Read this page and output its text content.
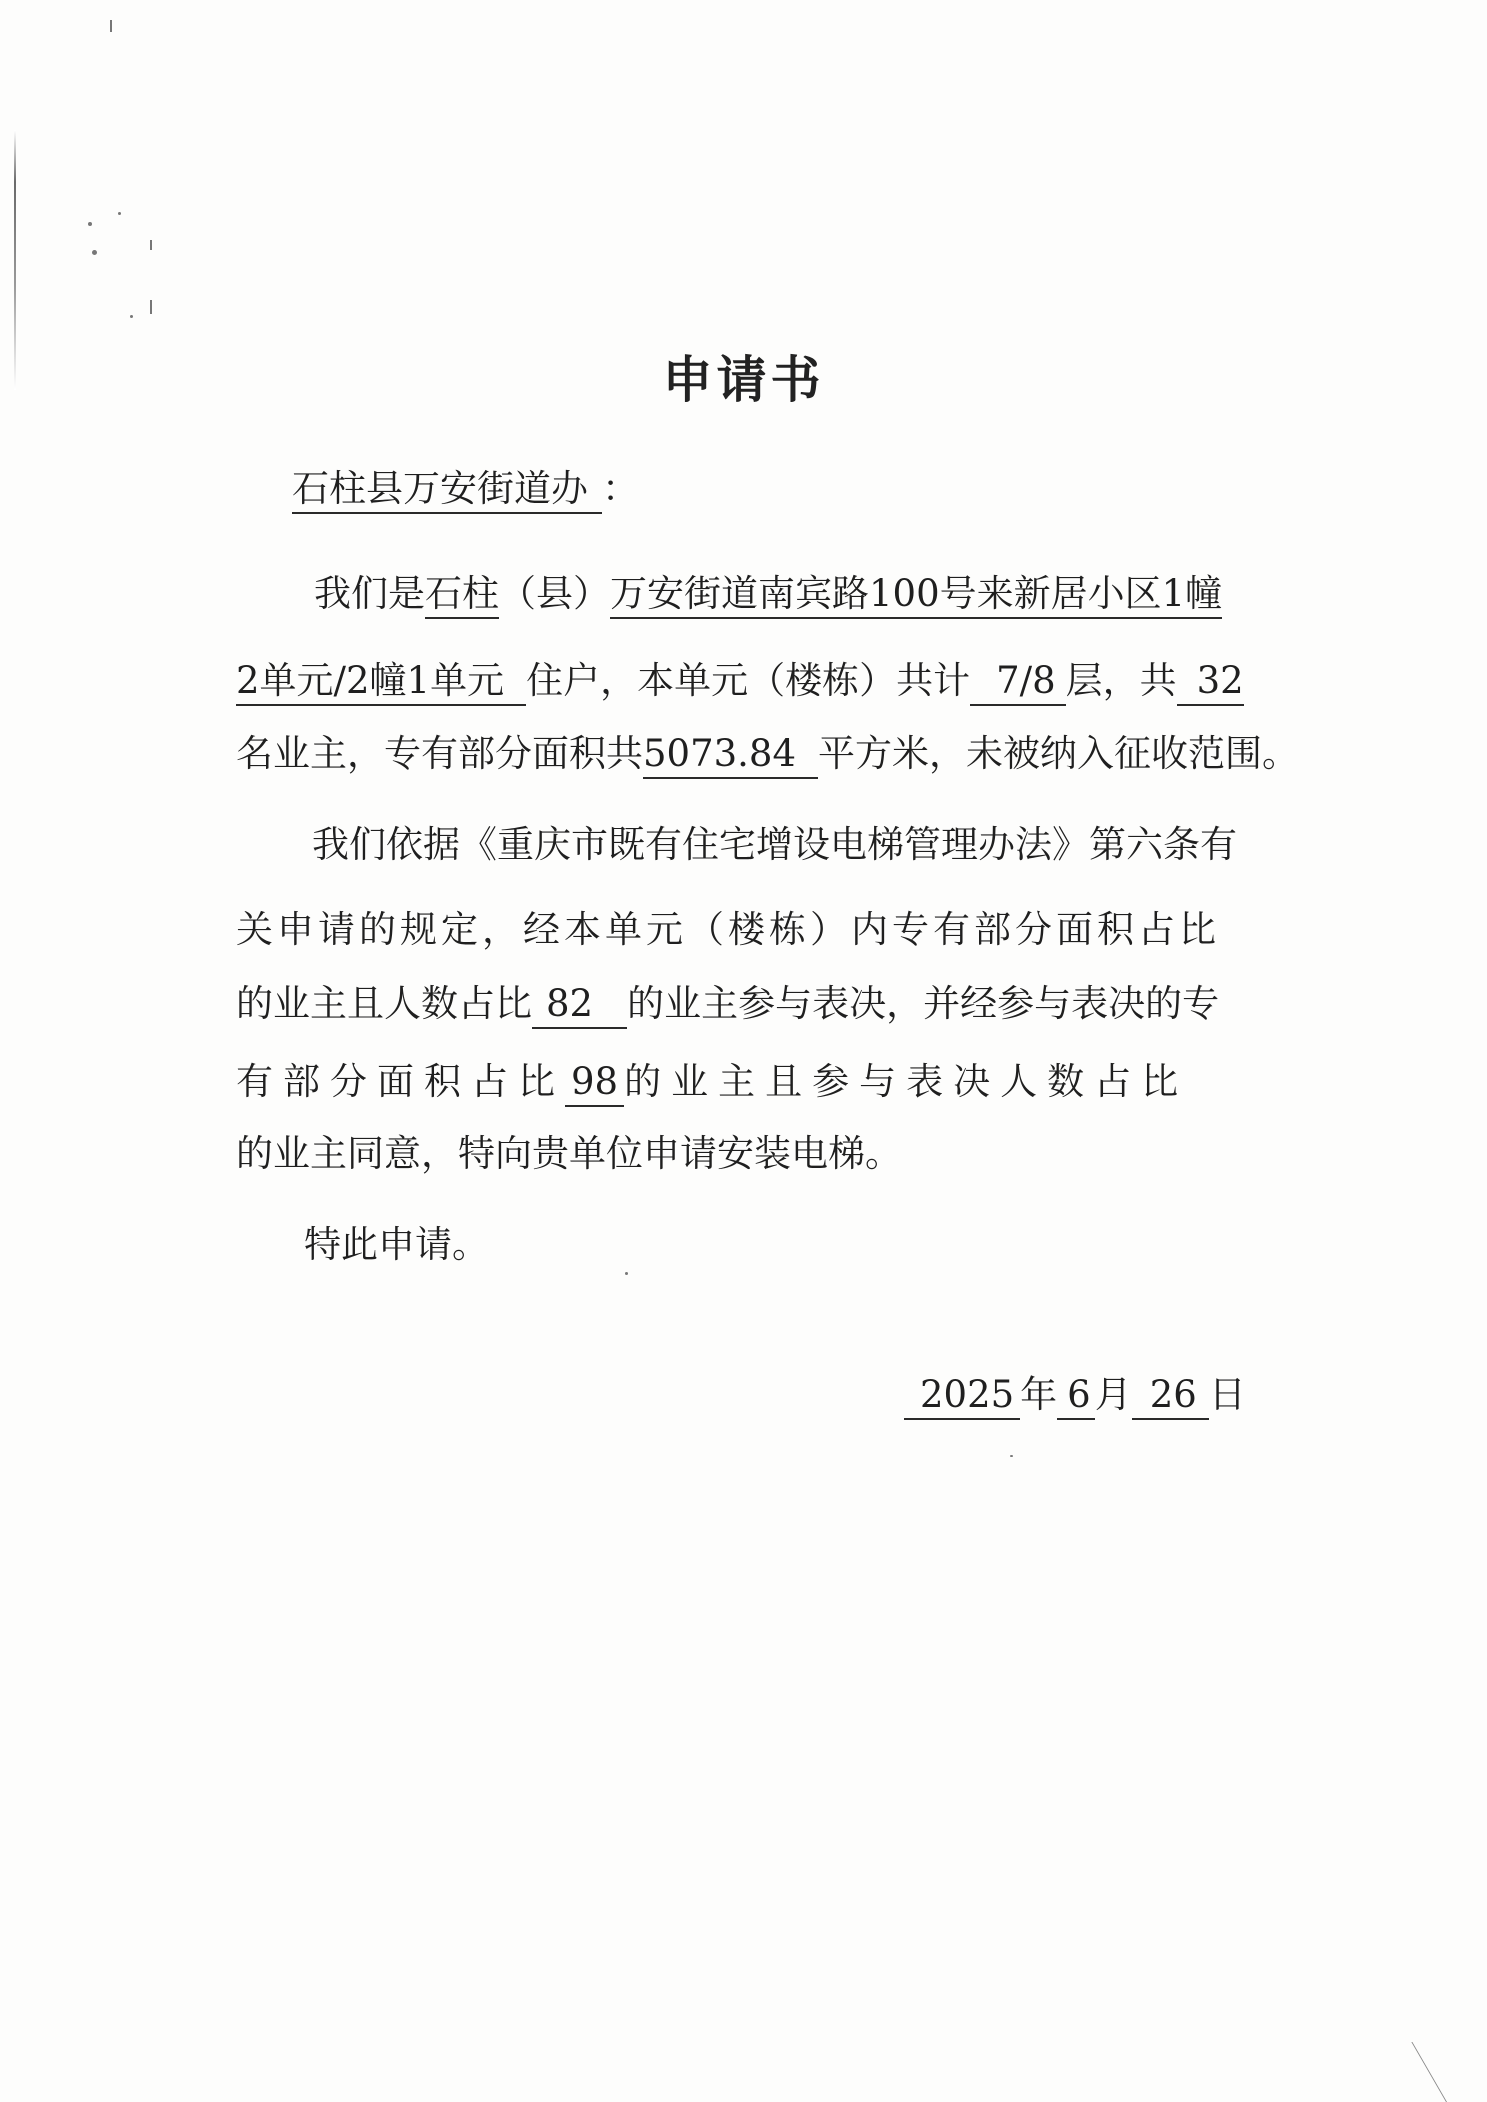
申请书
石柱县万安街道办 ：
我们是石柱（县）万安街道南宾路100号来新居小区1幢
2单元/2幢1单元 住户，本单元（楼栋）共计 7/8 层，共 32
名业主，专有部分面积共5073.84 平方米，未被纳入征收范围。
我们依据《重庆市既有住宅增设电梯管理办法》第六条有
关申请的规定，经本单元（楼栋）内专有部分面积占比
的业主且人数占比 82 的业主参与表决，并经参与表决的专
有部分面积占比 98 的业主且参与表决人数占比
的业主同意，特向贵单位申请安装电梯。
特此申请。
2025 年 6 月 26 日
